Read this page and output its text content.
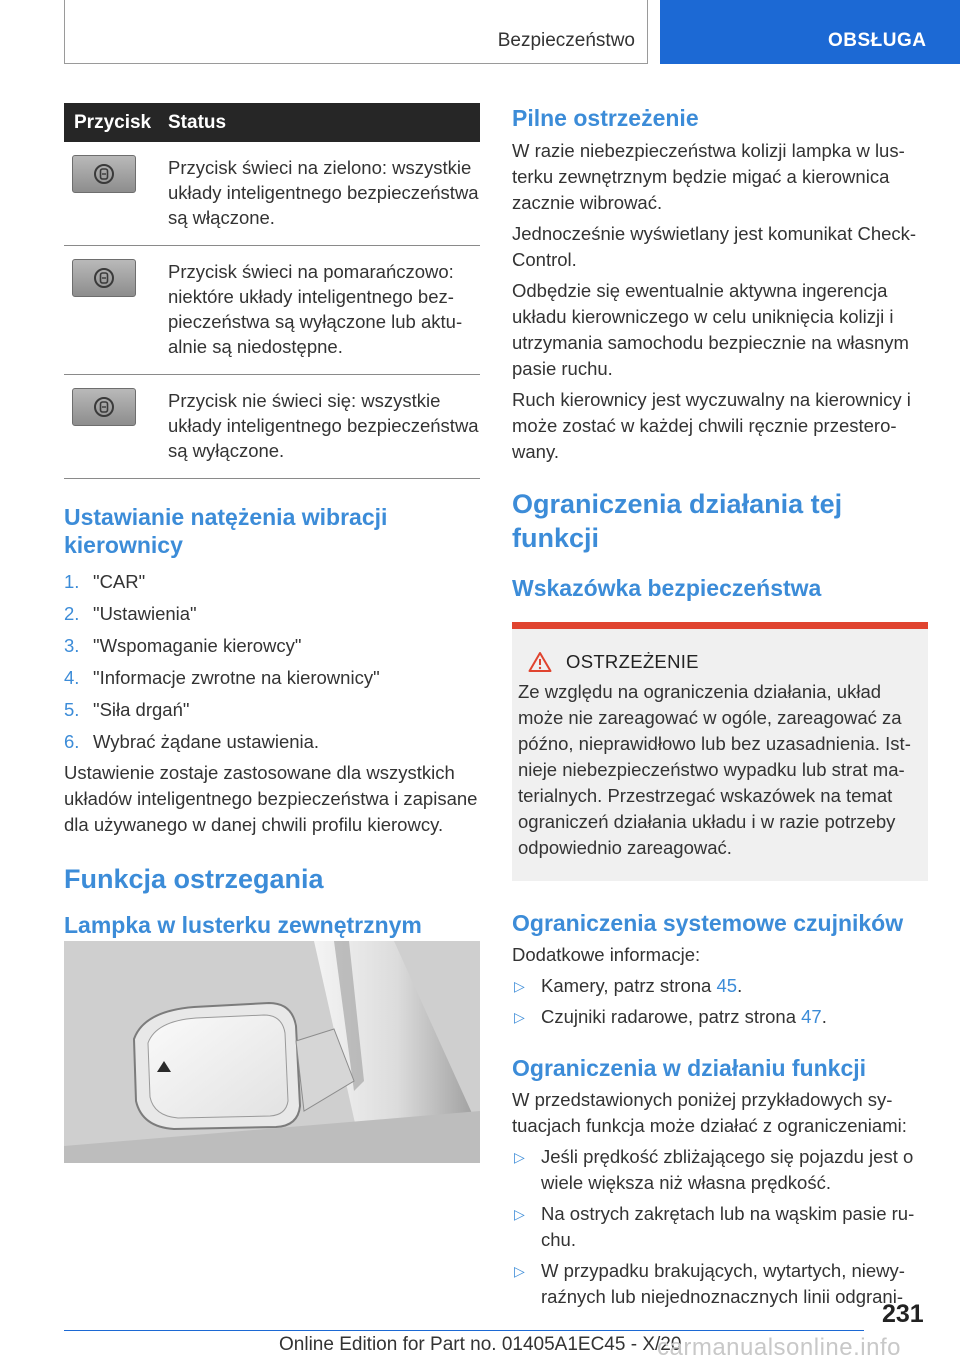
Bezpieczeństwo	OBSŁUGA
Przycisk	Status

	Przycisk świeci na zielono: wszystkie układy inteligentnego bezpieczeństwa są włączone.

	Przycisk świeci na pomarańczowo: niektóre układy inteligentnego bezpieczeństwa są wyłączone lub aktualnie są niedostępne.

	Przycisk nie świeci się: wszystkie układy inteligentnego bezpieczeństwa są wyłączone.
Ustawianie natężenia wibracji kierownicy
1. "CAR"
2. "Ustawienia"
3. "Wspomaganie kierowcy"
4. "Informacje zwrotne na kierownicy"
5. "Siła drgań"
6. Wybrać żądane ustawienia.

Ustawienie zostaje zastosowane dla wszystkich układów inteligentnego bezpieczeństwa i zapisane dla używanego w danej chwili profilu kierowcy.

Funkcja ostrzegania
Lampka w lusterku zewnętrznym
Pilne ostrzeżenie

W razie niebezpieczeństwa kolizji lampka w lusterku zewnętrznym będzie migać a kierownica zacznie wibrować.

Jednocześnie wyświetlany jest komunikat Check-Control.

Odbędzie się ewentualnie aktywna ingerencja układu kierowniczego w celu uniknięcia kolizji i utrzymania samochodu bezpiecznie na własnym pasie ruchu.

Ruch kierownicy jest wyczuwalny na kierownicy i może zostać w każdej chwili ręcznie przesterowany.

Ograniczenia działania tej funkcji
Wskazówka bezpieczeństwa
OSTRZEŻENIE

Ze względu na ograniczenia działania, układ może nie zareagować w ogóle, zareagować za późno, nieprawidłowo lub bez uzasadnienia. Istnieje niebezpieczeństwo wypadku lub strat materialnych. Przestrzegać wskazówek na temat ograniczeń działania układu i w razie potrzeby odpowiednio zareagować.

Ograniczenia systemowe czujników

Dodatkowe informacje:

▷ Kamery, patrz strona 45.
▷ Czujniki radarowe, patrz strona 47.
Ograniczenia w działaniu funkcji

W przedstawionych poniżej przykładowych sytuacjach funkcja może działać z ograniczeniami:

▷ Jeśli prędkość zbliżającego się pojazdu jest o wiele większa niż własna prędkość.
▷ Na ostrych zakrętach lub na wąskim pasie ruchu.
▷ W przypadku brakujących, wytartych, niewyraźnych lub niejednoznacznych linii odgrani-
231
Online Edition for Part no. 01405A1EC45 - X/20
carmanualsonline.info
